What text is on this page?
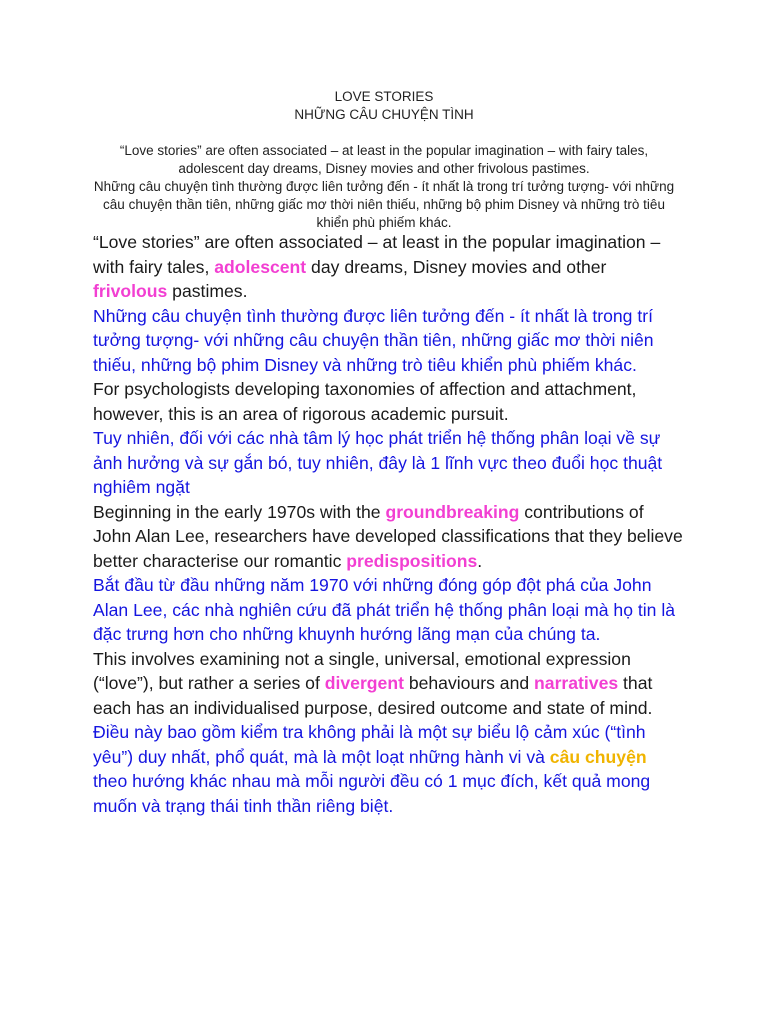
LOVE STORIES
NHỮNG CÂU CHUYỆN TÌNH
“Love stories” are often associated – at least in the popular imagination – with fairy tales, adolescent day dreams, Disney movies and other frivolous pastimes.
Những câu chuyện tình thường được liên tưởng đến - ít nhất là trong trí tưởng tượng- với những câu chuyện thần tiên, những giấc mơ thời niên thiếu, những bộ phim Disney và những trò tiêu khiển phù phiếm khác.

“Love stories” are often associated – at least in the popular imagination – with fairy tales, adolescent day dreams, Disney movies and other frivolous pastimes.

Những câu chuyện tình thường được liên tưởng đến - ít nhất là trong trí tưởng tượng- với những câu chuyện thần tiên, những giấc mơ thời niên thiếu, những bộ phim Disney và những trò tiêu khiển phù phiếm khác.

For psychologists developing taxonomies of affection and attachment, however, this is an area of rigorous academic pursuit.

Tuy nhiên, đối với các nhà tâm lý học phát triển hệ thống phân loại về sự ảnh hưởng và sự gắn bó, tuy nhiên, đây là 1 lĩnh vực theo đuổi học thuật nghiêm ngặt

Beginning in the early 1970s with the groundbreaking contributions of John Alan Lee, researchers have developed classifications that they believe better characterise our romantic predispositions.

Bắt đầu từ đầu những năm 1970 với những đóng góp đột phá của John Alan Lee, các nhà nghiên cứu đã phát triển hệ thống phân loại mà họ tin là đặc trưng hơn cho những khuynh hướng lãng mạn của chúng ta.

This involves examining not a single, universal, emotional expression (“love”), but rather a series of divergent behaviours and narratives that each has an individualised purpose, desired outcome and state of mind.

Điều này bao gồm kiểm tra không phải là một sự biểu lộ cảm xúc (“tình yêu”) duy nhất, phổ quát, mà là một loạt những hành vi và câu chuyện theo hướng khác nhau mà mỗi người đều có 1 mục đích, kết quả mong muốn và trạng thái tinh thần riêng biệt.
